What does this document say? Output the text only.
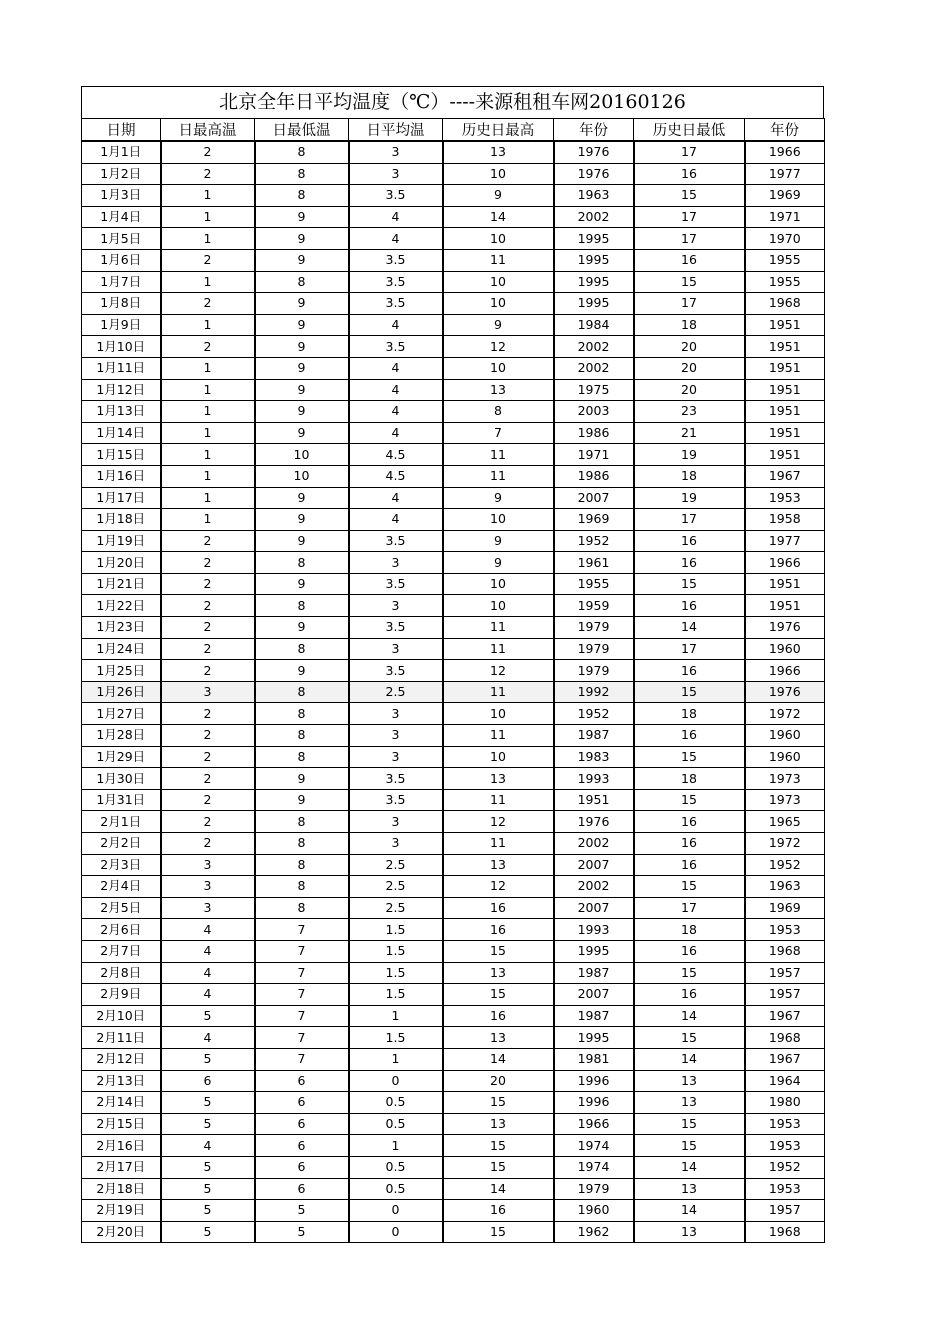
北京全年日平均温度（℃）----来源租租车网20160126
日期	日最高温	日最低温	日平均温	历史日最高	年份	历史日最低	年份
1月1日	2	8	3	13	1976	17	1966
1月2日	2	8	3	10	1976	16	1977
1月3日	1	8	3.5	9	1963	15	1969
1月4日	1	9	4	14	2002	17	1971
1月5日	1	9	4	10	1995	17	1970
1月6日	2	9	3.5	11	1995	16	1955
1月7日	1	8	3.5	10	1995	15	1955
1月8日	2	9	3.5	10	1995	17	1968
1月9日	1	9	4	9	1984	18	1951
1月10日	2	9	3.5	12	2002	20	1951
1月11日	1	9	4	10	2002	20	1951
1月12日	1	9	4	13	1975	20	1951
1月13日	1	9	4	8	2003	23	1951
1月14日	1	9	4	7	1986	21	1951
1月15日	1	10	4.5	11	1971	19	1951
1月16日	1	10	4.5	11	1986	18	1967
1月17日	1	9	4	9	2007	19	1953
1月18日	1	9	4	10	1969	17	1958
1月19日	2	9	3.5	9	1952	16	1977
1月20日	2	8	3	9	1961	16	1966
1月21日	2	9	3.5	10	1955	15	1951
1月22日	2	8	3	10	1959	16	1951
1月23日	2	9	3.5	11	1979	14	1976
1月24日	2	8	3	11	1979	17	1960
1月25日	2	9	3.5	12	1979	16	1966
1月26日	3	8	2.5	11	1992	15	1976
1月27日	2	8	3	10	1952	18	1972
1月28日	2	8	3	11	1987	16	1960
1月29日	2	8	3	10	1983	15	1960
1月30日	2	9	3.5	13	1993	18	1973
1月31日	2	9	3.5	11	1951	15	1973
2月1日	2	8	3	12	1976	16	1965
2月2日	2	8	3	11	2002	16	1972
2月3日	3	8	2.5	13	2007	16	1952
2月4日	3	8	2.5	12	2002	15	1963
2月5日	3	8	2.5	16	2007	17	1969
2月6日	4	7	1.5	16	1993	18	1953
2月7日	4	7	1.5	15	1995	16	1968
2月8日	4	7	1.5	13	1987	15	1957
2月9日	4	7	1.5	15	2007	16	1957
2月10日	5	7	1	16	1987	14	1967
2月11日	4	7	1.5	13	1995	15	1968
2月12日	5	7	1	14	1981	14	1967
2月13日	6	6	0	20	1996	13	1964
2月14日	5	6	0.5	15	1996	13	1980
2月15日	5	6	0.5	13	1966	15	1953
2月16日	4	6	1	15	1974	15	1953
2月17日	5	6	0.5	15	1974	14	1952
2月18日	5	6	0.5	14	1979	13	1953
2月19日	5	5	0	16	1960	14	1957
2月20日	5	5	0	15	1962	13	1968
